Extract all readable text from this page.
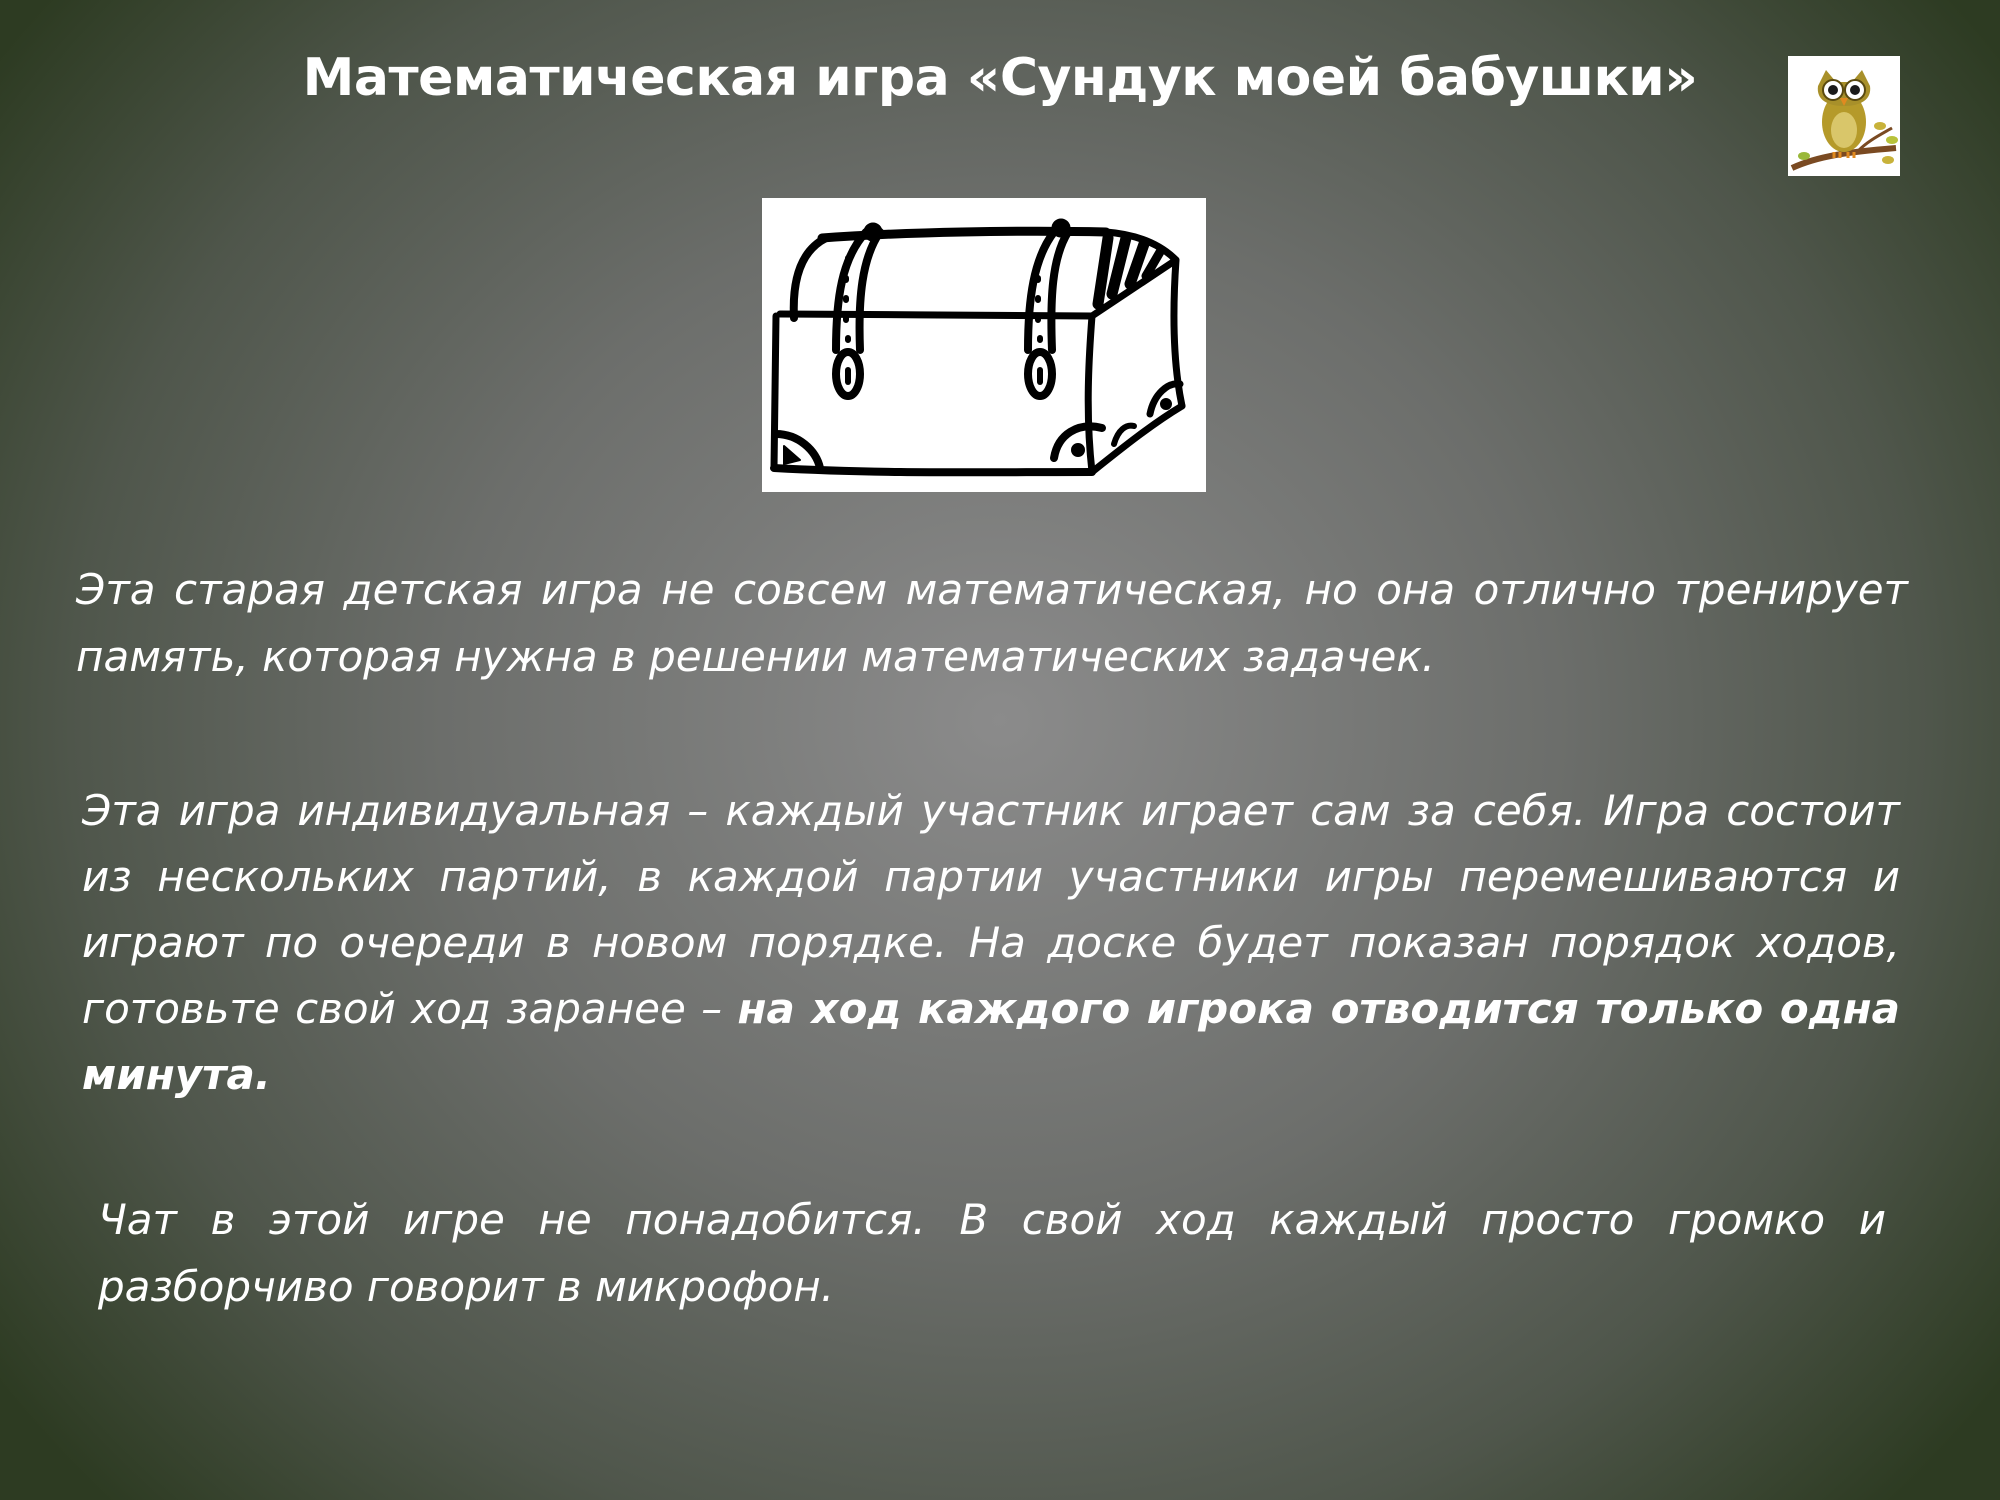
Математическая игра «Сундук моей бабушки»

Эта старая детская игра не совсем математическая, но она отлично тренирует память, которая нужна в решении математических задачек.

Эта игра индивидуальная – каждый участник играет сам за себя. Игра состоит из нескольких партий, в каждой партии участники игры перемешиваются и играют по очереди в новом порядке. На доске будет показан порядок ходов, готовьте свой ход заранее – на ход каждого игрока отводится только одна минута.

Чат в этой игре не понадобится. В свой ход каждый просто громко и разборчиво говорит в микрофон.
